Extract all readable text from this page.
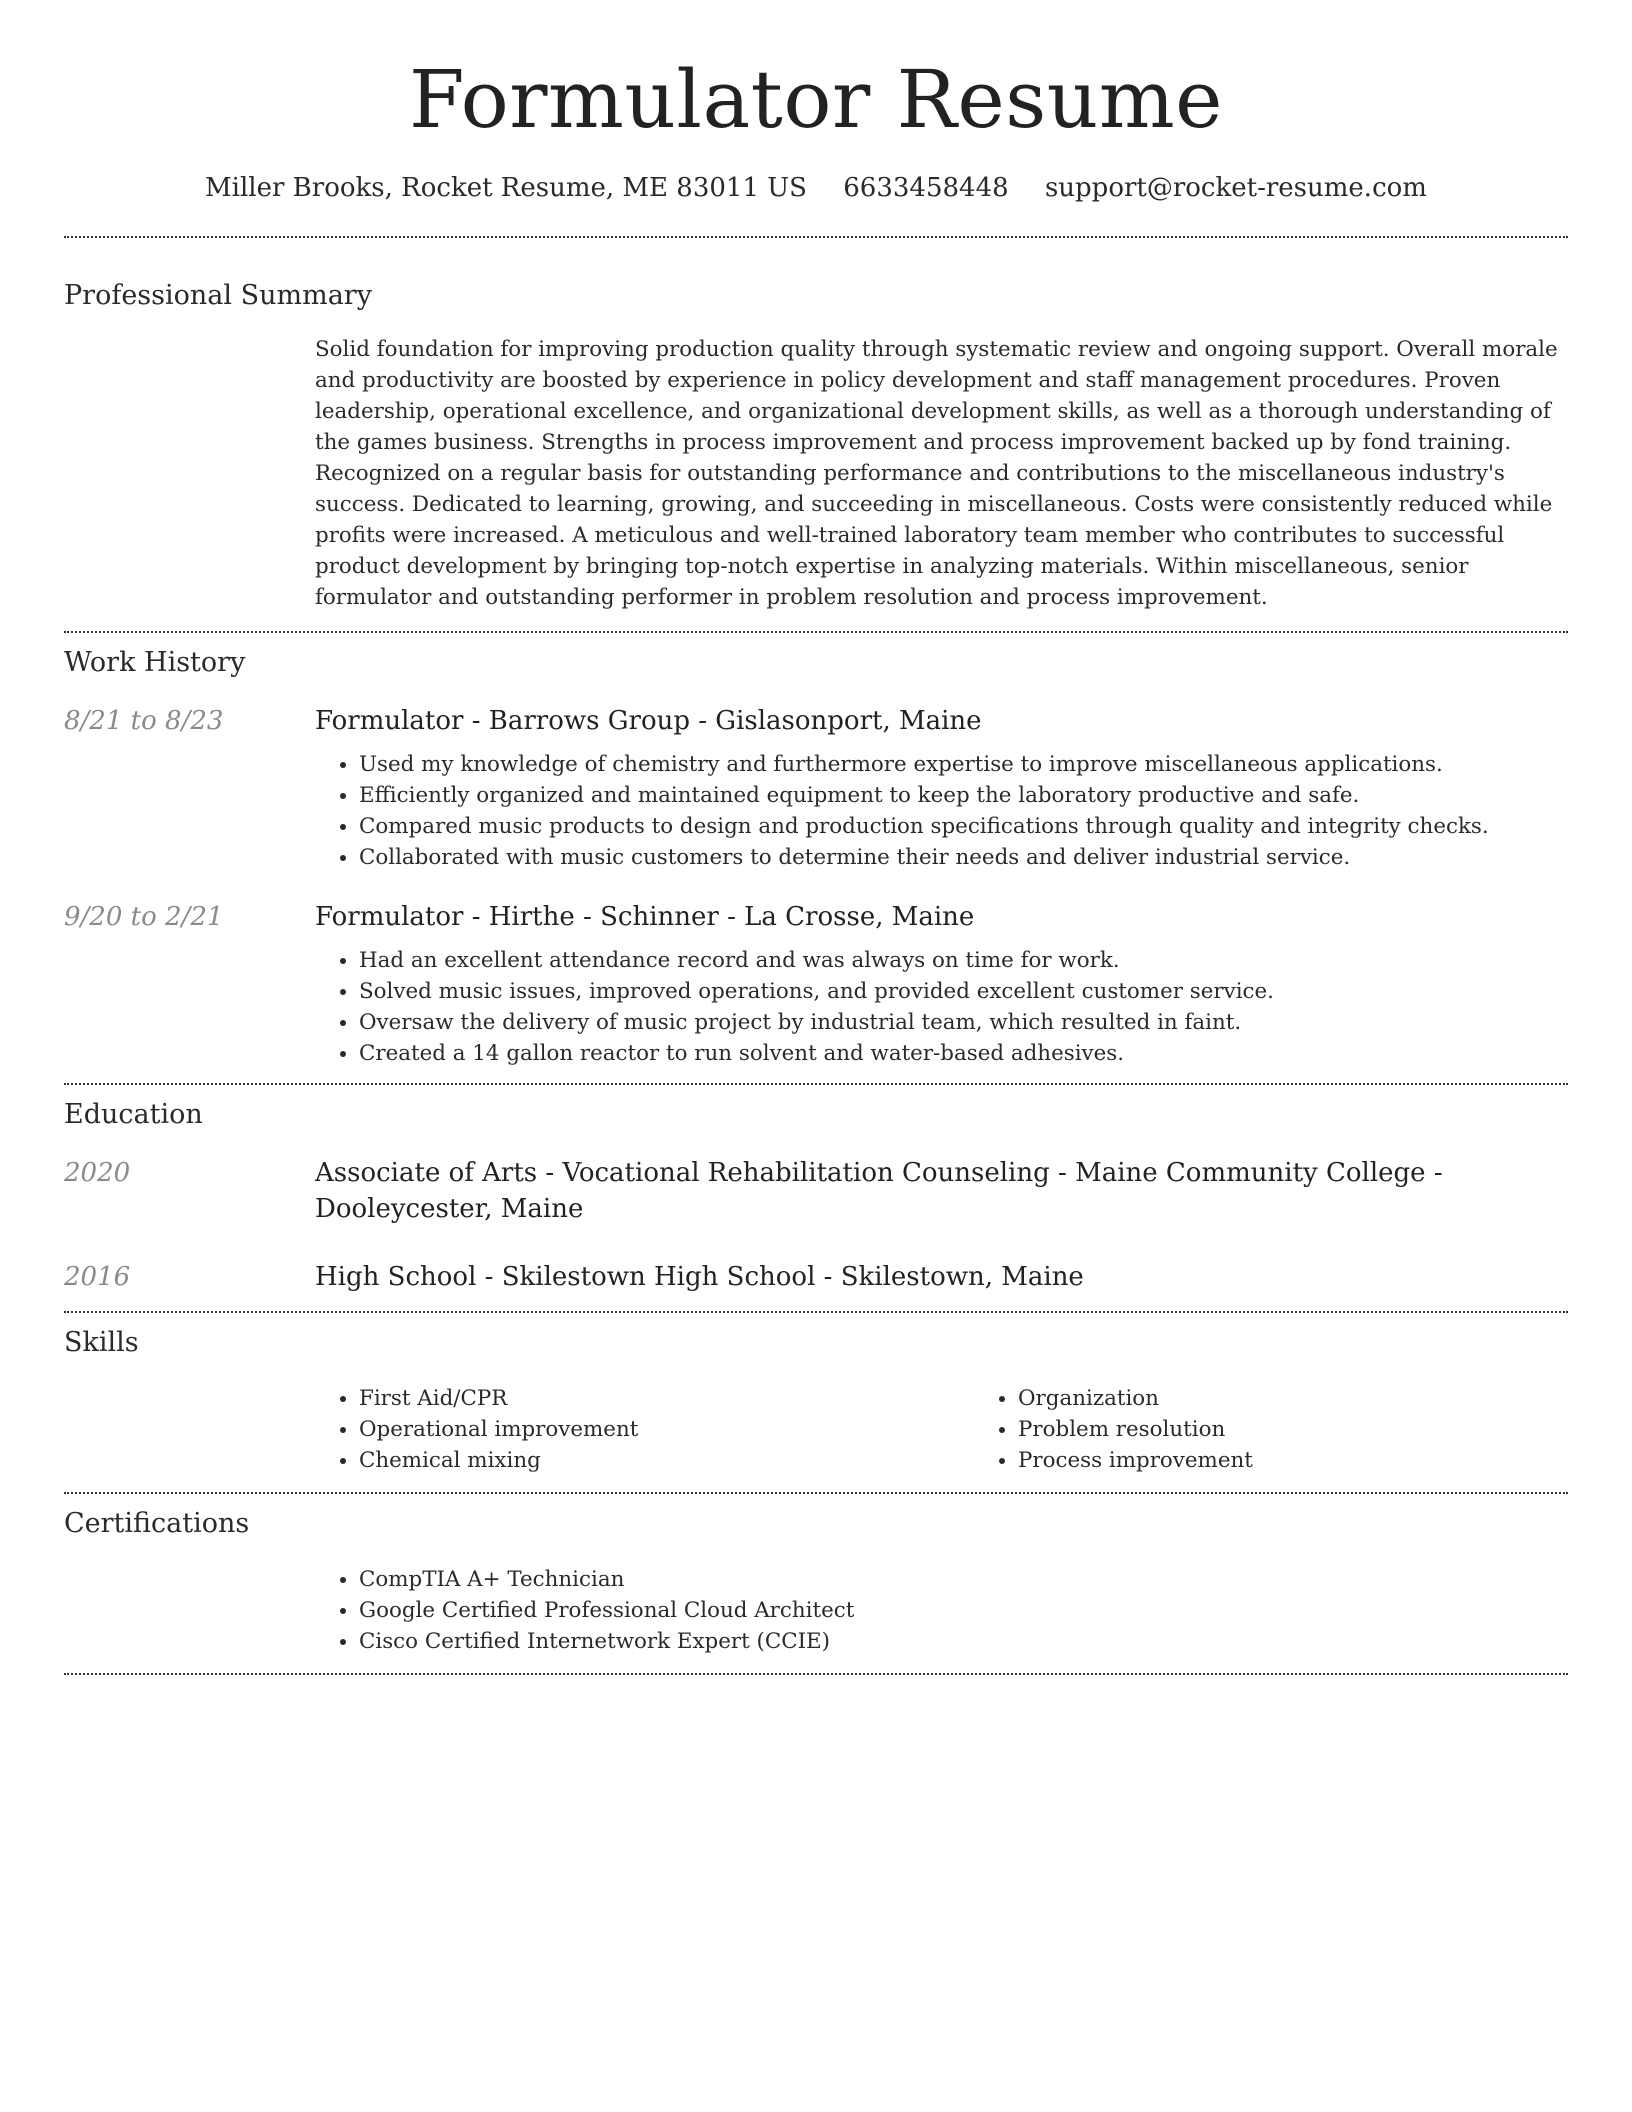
Formulator Resume
Miller Brooks, Rocket Resume, ME 83011 US 6633458448 support@rocket-resume.com
Professional Summary

Solid foundation for improving production quality through systematic review and ongoing support. Overall morale and productivity are boosted by experience in policy development and staff management procedures. Proven leadership, operational excellence, and organizational development skills, as well as a thorough understanding of the games business. Strengths in process improvement and process improvement backed up by fond training. Recognized on a regular basis for outstanding performance and contributions to the miscellaneous industry's success. Dedicated to learning, growing, and succeeding in miscellaneous. Costs were consistently reduced while profits were increased. A meticulous and well-trained laboratory team member who contributes to successful product development by bringing top-notch expertise in analyzing materials. Within miscellaneous, senior formulator and outstanding performer in problem resolution and process improvement.

Work History
8/21 to 8/23	Formulator - Barrows Group - Gislasonport, Maine
• Used my knowledge of chemistry and furthermore expertise to improve miscellaneous applications.
• Efficiently organized and maintained equipment to keep the laboratory productive and safe.
• Compared music products to design and production specifications through quality and integrity checks.
• Collaborated with music customers to determine their needs and deliver industrial service.
9/20 to 2/21	Formulator - Hirthe - Schinner - La Crosse, Maine
• Had an excellent attendance record and was always on time for work.
• Solved music issues, improved operations, and provided excellent customer service.
• Oversaw the delivery of music project by industrial team, which resulted in faint.
• Created a 14 gallon reactor to run solvent and water-based adhesives.
Education
2020	Associate of Arts - Vocational Rehabilitation Counseling - Maine Community College - Dooleycester, Maine
2016	High School - Skilestown High School - Skilestown, Maine
Skills
• First Aid/CPR
• Operational improvement
• Chemical mixing
• Organization
• Problem resolution
• Process improvement
Certifications
• CompTIA A+ Technician
• Google Certified Professional Cloud Architect
• Cisco Certified Internetwork Expert (CCIE)
